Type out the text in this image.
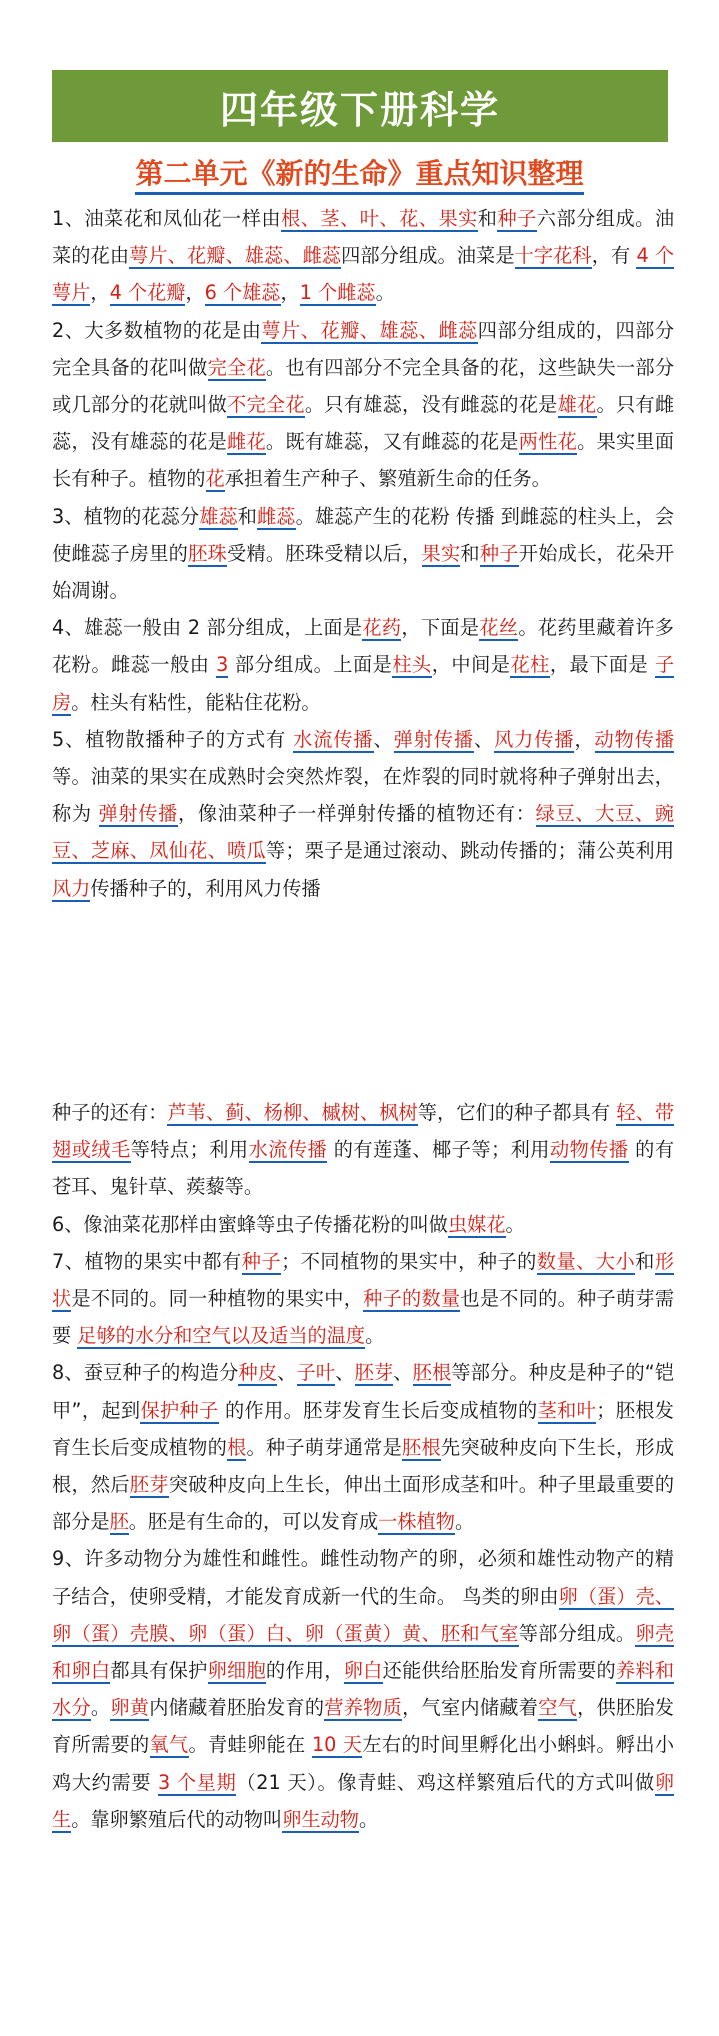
四年级下册科学
第二单元《新的生命》重点知识整理

1、油菜花和凤仙花一样由根、茎、叶、花、果实和种子六部分组成。油菜的花由萼片、花瓣、雄蕊、雌蕊四部分组成。油菜是十字花科，有 4 个萼片，4 个花瓣，6 个雄蕊，1 个雌蕊。

2、大多数植物的花是由萼片、花瓣、雄蕊、雌蕊四部分组成的，四部分完全具备的花叫做完全花。也有四部分不完全具备的花，这些缺失一部分或几部分的花就叫做不完全花。只有雄蕊，没有雌蕊的花是雄花。只有雌蕊，没有雄蕊的花是雌花。既有雄蕊，又有雌蕊的花是两性花。果实里面长有种子。植物的花承担着生产种子、繁殖新生命的任务。

3、植物的花蕊分雄蕊和雌蕊。雄蕊产生的花粉 传播 到雌蕊的柱头上，会使雌蕊子房里的胚珠受精。胚珠受精以后，果实和种子开始成长，花朵开始凋谢。

4、雄蕊一般由 2 部分组成，上面是花药，下面是花丝。花药里藏着许多花粉。雌蕊一般由 3 部分组成。上面是柱头，中间是花柱，最下面是 子房。柱头有粘性，能粘住花粉。

5、植物散播种子的方式有 水流传播、弹射传播、风力传播，动物传播 等。油菜的果实在成熟时会突然炸裂，在炸裂的同时就将种子弹射出去，称为 弹射传播，像油菜种子一样弹射传播的植物还有：绿豆、大豆、豌豆、芝麻、凤仙花、喷瓜等；栗子是通过滚动、跳动传播的；蒲公英利用风力传播种子的，利用风力传播

种子的还有：芦苇、蓟、杨柳、槭树、枫树等，它们的种子都具有 轻、带翅或绒毛等特点；利用水流传播 的有莲蓬、椰子等；利用动物传播 的有苍耳、鬼针草、蒺藜等。

6、像油菜花那样由蜜蜂等虫子传播花粉的叫做虫媒花。

7、植物的果实中都有种子；不同植物的果实中，种子的数量、大小和形状是不同的。同一种植物的果实中，种子的数量也是不同的。种子萌芽需要 足够的水分和空气以及适当的温度。

8、蚕豆种子的构造分种皮、子叶、胚芽、胚根等部分。种皮是种子的“铠甲”，起到保护种子 的作用。胚芽发育生长后变成植物的茎和叶；胚根发育生长后变成植物的根。种子萌芽通常是胚根先突破种皮向下生长，形成根，然后胚芽突破种皮向上生长，伸出土面形成茎和叶。种子里最重要的部分是胚。胚是有生命的，可以发育成一株植物。

9、许多动物分为雄性和雌性。雌性动物产的卵，必须和雄性动物产的精子结合，使卵受精，才能发育成新一代的生命。 鸟类的卵由卵（蛋）壳、卵（蛋）壳膜、卵（蛋）白、卵（蛋黄）黄、胚和气室等部分组成。卵壳和卵白都具有保护卵细胞的作用，卵白还能供给胚胎发育所需要的养料和水分。卵黄内储藏着胚胎发育的营养物质，气室内储藏着空气，供胚胎发育所需要的氧气。青蛙卵能在 10 天左右的时间里孵化出小蝌蚪。孵出小鸡大约需要 3 个星期（21 天）。像青蛙、鸡这样繁殖后代的方式叫做卵生。靠卵繁殖后代的动物叫卵生动物。
